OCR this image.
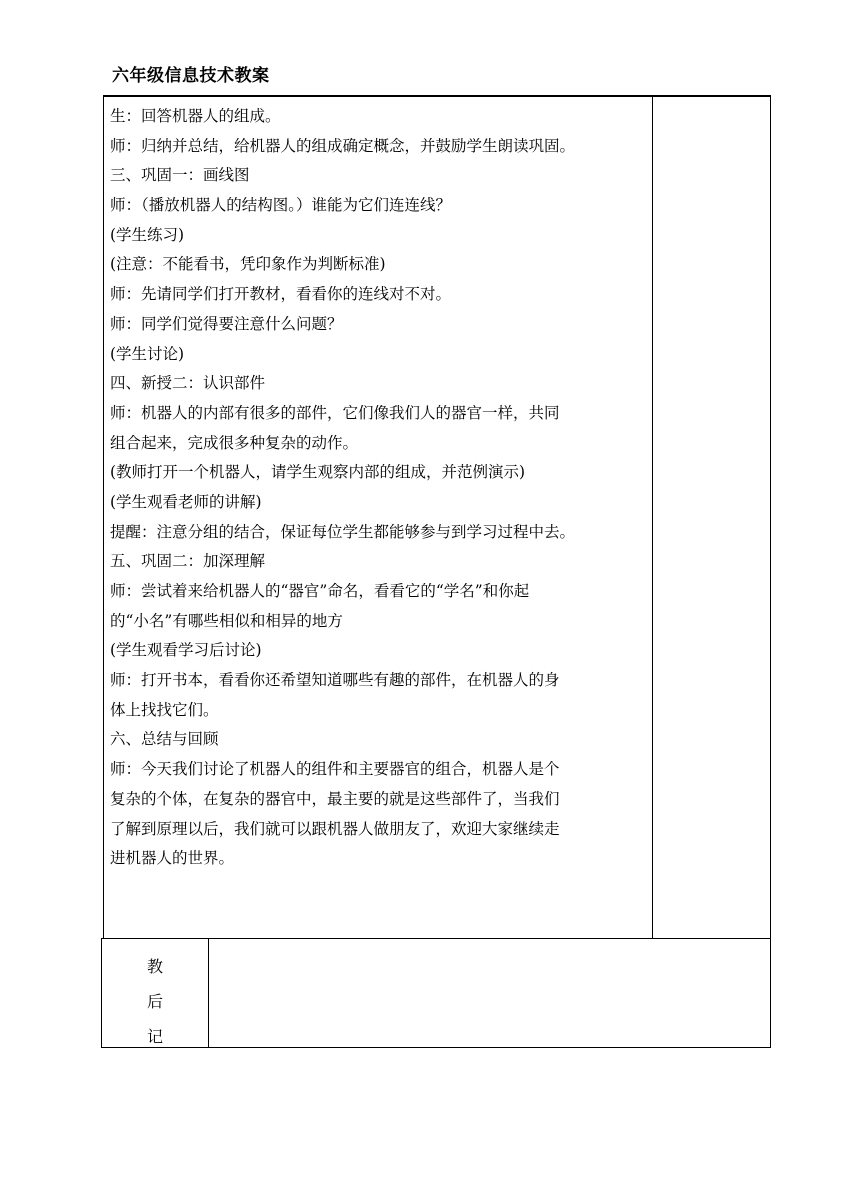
六年级信息技术教案
生：回答机器人的组成。
师：归纳并总结，给机器人的组成确定概念，并鼓励学生朗读巩固。
三、巩固一：画线图
师：（播放机器人的结构图。）谁能为它们连连线？
(学生练习)
(注意：不能看书，凭印象作为判断标准)
师：先请同学们打开教材，看看你的连线对不对。
师：同学们觉得要注意什么问题？
(学生讨论)
四、新授二：认识部件
师：机器人的内部有很多的部件，它们像我们人的器官一样，共同
组合起来，完成很多种复杂的动作。
(教师打开一个机器人，请学生观察内部的组成，并范例演示)
(学生观看老师的讲解)
提醒：注意分组的结合，保证每位学生都能够参与到学习过程中去。
五、巩固二：加深理解
师：尝试着来给机器人的“器官”命名，看看它的“学名”和你起
的“小名”有哪些相似和相异的地方
(学生观看学习后讨论)
师：打开书本，看看你还希望知道哪些有趣的部件，在机器人的身
体上找找它们。
六、总结与回顾
师：今天我们讨论了机器人的组件和主要器官的组合，机器人是个
复杂的个体，在复杂的器官中，最主要的就是这些部件了，当我们
了解到原理以后，我们就可以跟机器人做朋友了，欢迎大家继续走
进机器人的世界。
教
后
记
